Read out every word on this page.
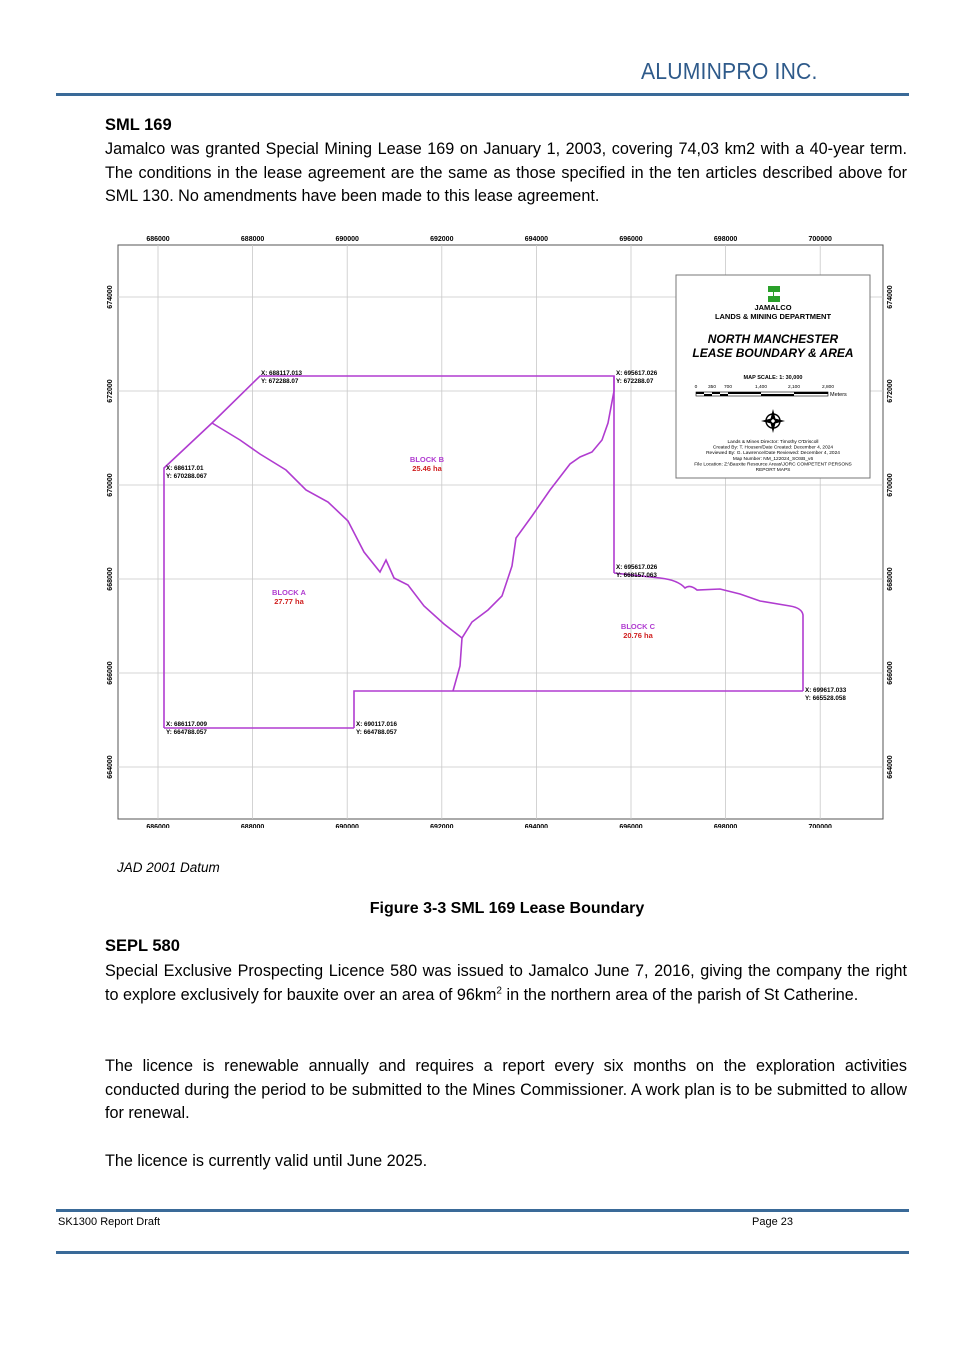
ALUMINPRO INC.
SML 169
Jamalco was granted Special Mining Lease 169 on January 1, 2003, covering 74,03 km2 with a 40-year term. The conditions in the lease agreement are the same as those specified in the ten articles described above for SML 130. No amendments have been made to this lease agreement.
686000
686000
688000
688000
690000
690000
692000
692000
694000
694000
696000
696000
698000
698000
700000
700000
674000	674000
672000	672000
670000	670000
668000	668000
666000	666000
664000	664000
BLOCK A
27.77 ha
BLOCK B
25.46 ha
BLOCK C
20.76 ha
X: 688117.013
Y: 672288.07
X: 695617.026
Y: 672288.07
X: 686117.01
Y: 670288.067
X: 695617.026
Y: 668157.063
X: 699617.033
Y: 665528.058
X: 686117.009
Y: 664788.057
X: 690117.016
Y: 664788.057
JAMALCO
LANDS & MINING DEPARTMENT
NORTH MANCHESTER
LEASE BOUNDARY & AREA
MAP SCALE: 1: 30,000
0 350 700	1,400	2,100	2,800
Meters
Lands & Mines Director: Timothy O'Driscoll
Created By: T. Housen/Date Created: December 4, 2024
Reviewed By: G. Lawrence/Date Reviewed: December 4, 2024
Map Number: NM_122024_SOSB_v6
File Location: Z:\Bauxite Resource Areas\JORC COMPETENT PERSONS
REPORT MAPS
JAD 2001 Datum
Figure 3-3 SML 169 Lease Boundary
SEPL 580
Special Exclusive Prospecting Licence 580 was issued to Jamalco June 7, 2016, giving the company the right to explore exclusively for bauxite over an area of $96km^2$ in the northern area of the parish of St Catherine.
The licence is renewable annually and requires a report every six months on the exploration activities conducted during the period to be submitted to the Mines Commissioner. A work plan is to be submitted to allow for renewal.
The licence is currently valid until June 2025.
SK1300 Report Draft	Page 23
